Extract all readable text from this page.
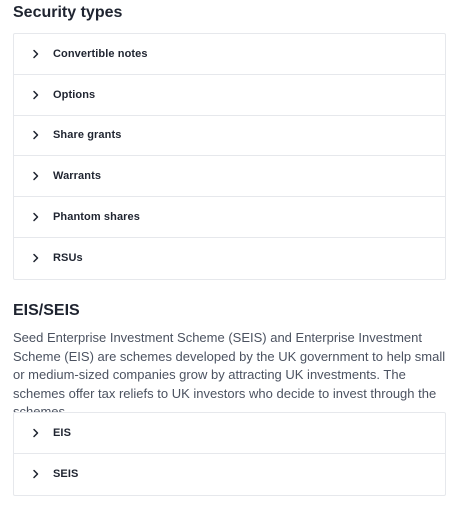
Security types
Convertible notes
Options
Share grants
Warrants
Phantom shares
RSUs
EIS/SEIS

Seed Enterprise Investment Scheme (SEIS) and Enterprise Investment Scheme (EIS) are schemes developed by the UK government to help small or medium-sized companies grow by attracting UK investments. The schemes offer tax reliefs to UK investors who decide to invest through the

EIS
SEIS
